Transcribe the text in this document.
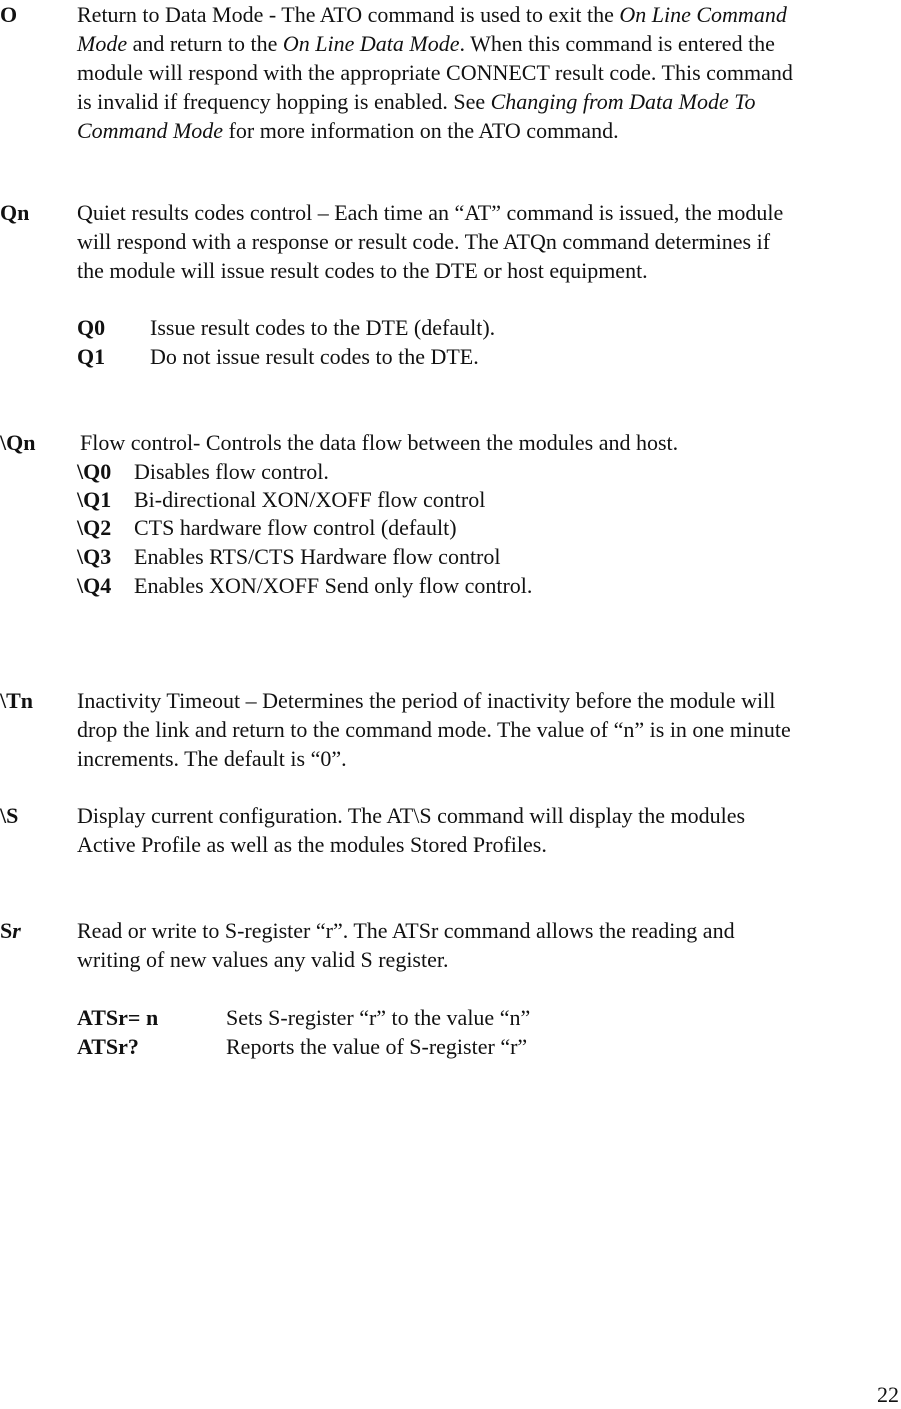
O	Return to Data Mode - The ATO command is used to exit the On Line Command
Mode and return to the On Line Data Mode. When this command is entered the
module will respond with the appropriate CONNECT result code. This command
is invalid if frequency hopping is enabled. See Changing from Data Mode To
Command Mode for more information on the ATO command.
Qn Quiet results codes control – Each time an “AT” command is issued, the module
will respond with a response or result code. The ATQn command determines if
the module will issue result codes to the DTE or host equipment.
Q0 Issue result codes to the DTE (default).
Q1 Do not issue result codes to the DTE.
\Qn Flow control- Controls the data flow between the modules and host.
\Q0 Disables flow control.
\Q1 Bi-directional XON/XOFF flow control
\Q2 CTS hardware flow control (default)
\Q3 Enables RTS/CTS Hardware flow control
\Q4 Enables XON/XOFF Send only flow control.
\Tn Inactivity Timeout – Determines the period of inactivity before the module will
drop the link and return to the command mode. The value of “n” is in one minute
increments. The default is “0”.
\S	Display current configuration. The AT\S command will display the modules
Active Profile as well as the modules Stored Profiles.
Sr	Read or write to S-register “r”. The ATSr command allows the reading and
writing of new values any valid S register.
ATSr= n	Sets S-register “r” to the value “n”
ATSr?	Reports the value of S-register “r”
22
